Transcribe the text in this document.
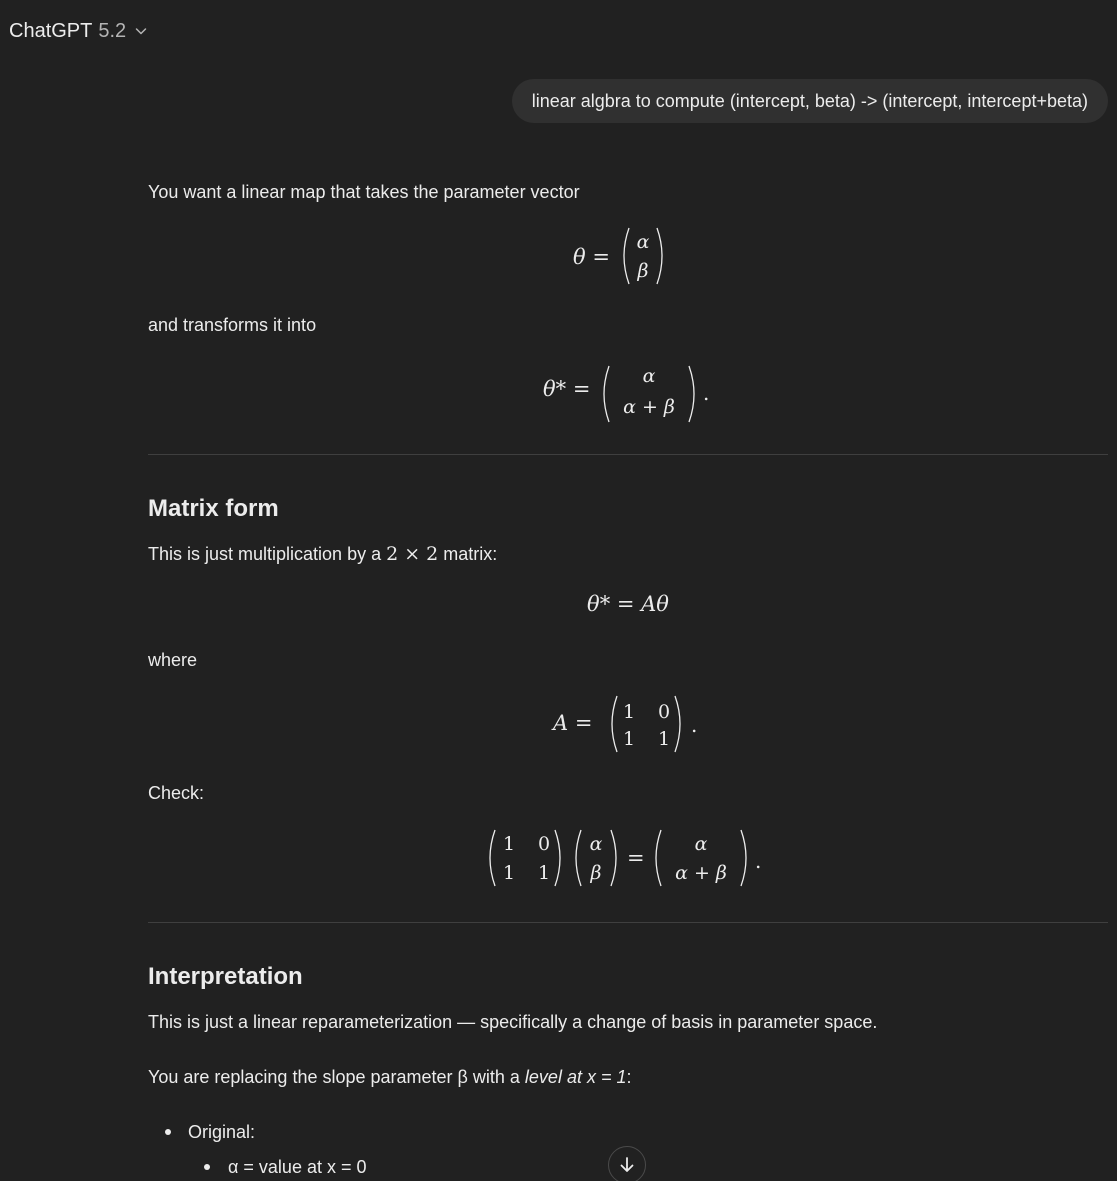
ChatGPT 5.2
linear algbra to compute (intercept, beta) -> (intercept, intercept+beta)
You want a linear map that takes the parameter vector
θ =
α
β
and transforms it into
θ* =
α
α + β
.
Matrix form
This is just multiplication by a 2 × 2 matrix:
θ* = Aθ
where
A = 1 0
1 1
.
Check:
1 0
1 1
α
β
=
α
α + β .
Interpretation
This is just a linear reparameterization — specifically a change of basis in parameter space.
You are replacing the slope parameter β with a level at x = 1:
Original:
α = value at x = 0
